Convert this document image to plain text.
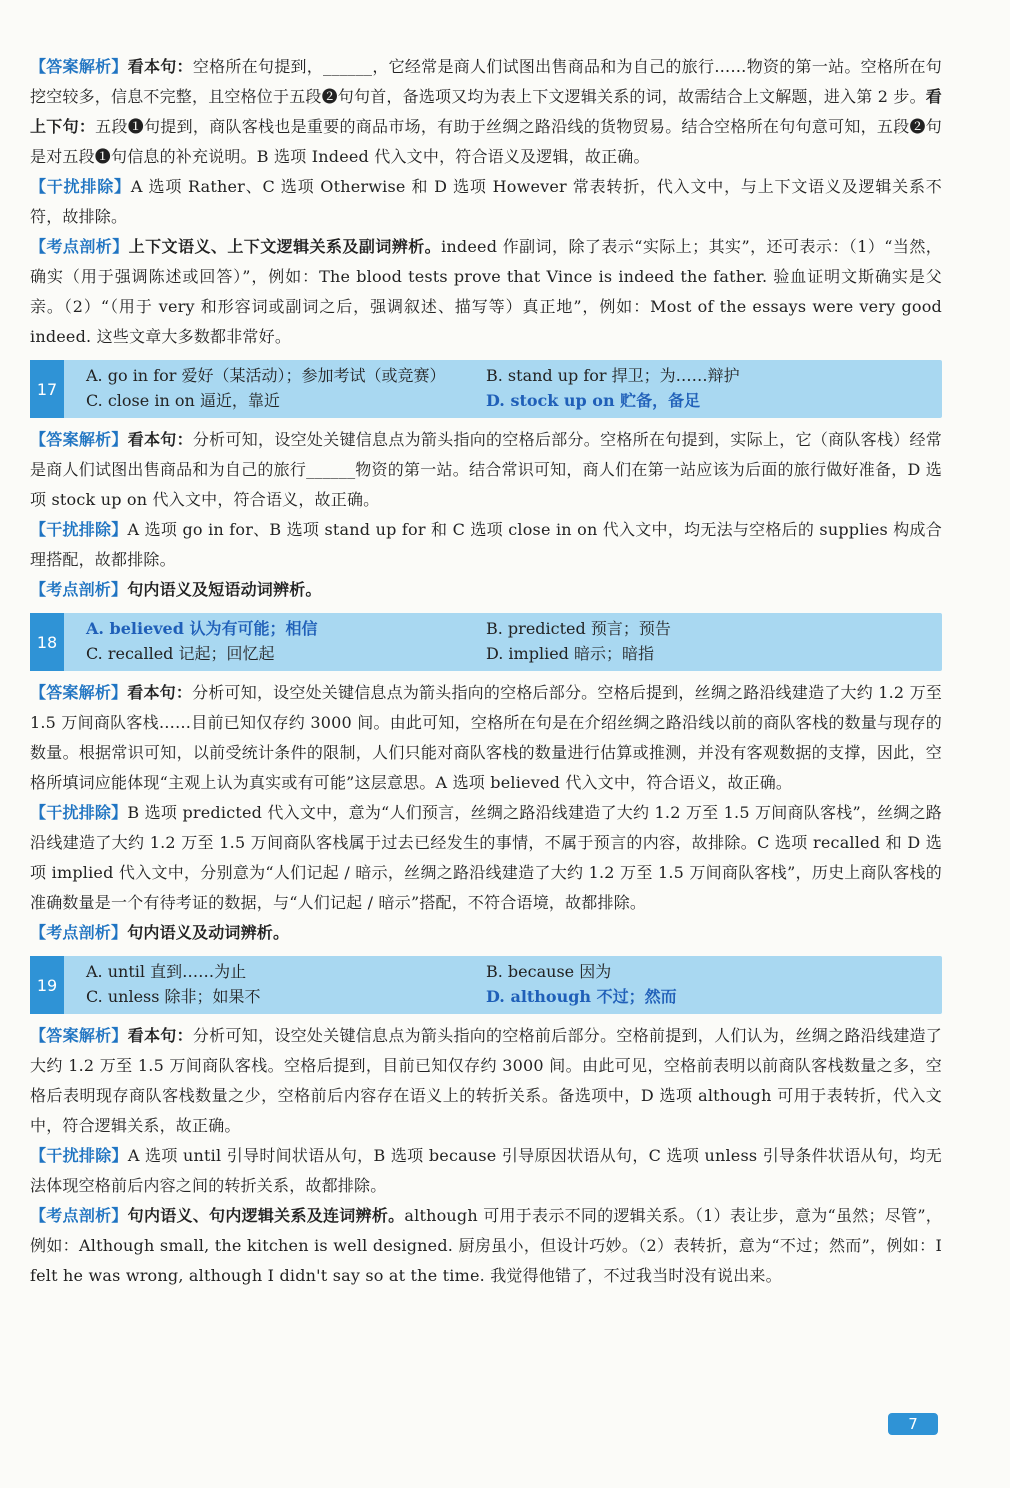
【答案解析】看本句：空格所在句提到，______，它经常是商人们试图出售商品和为自己的旅行……物资的第一站。空格所在句挖空较多，信息不完整，且空格位于五段❷句句首，备选项又均为表上下文逻辑关系的词，故需结合上文解题，进入第 2 步。看上下句：五段❶句提到，商队客栈也是重要的商品市场，有助于丝绸之路沿线的货物贸易。结合空格所在句句意可知，五段❷句是对五段❶句信息的补充说明。B 选项 Indeed 代入文中，符合语义及逻辑，故正确。

【干扰排除】A 选项 Rather、C 选项 Otherwise 和 D 选项 However 常表转折，代入文中，与上下文语义及逻辑关系不符，故排除。

【考点剖析】上下文语义、上下文逻辑关系及副词辨析。indeed 作副词，除了表示“实际上；其实”，还可表示：（1）“当然，确实（用于强调陈述或回答）”，例如：The blood tests prove that Vince is indeed the father. 验血证明文斯确实是父亲。（2）“（用于 very 和形容词或副词之后，强调叙述、描写等）真正地”，例如：Most of the essays were very good indeed. 这些文章大多数都非常好。

17
A. go in for 爱好（某活动）；参加考试（或竞赛）	B. stand up for 捍卫；为……辩护
C. close in on 逼近，靠近	D. stock up on 贮备，备足

【答案解析】看本句：分析可知，设空处关键信息点为箭头指向的空格后部分。空格所在句提到，实际上，它（商队客栈）经常是商人们试图出售商品和为自己的旅行______物资的第一站。结合常识可知，商人们在第一站应该为后面的旅行做好准备，D 选项 stock up on 代入文中，符合语义，故正确。

【干扰排除】A 选项 go in for、B 选项 stand up for 和 C 选项 close in on 代入文中，均无法与空格后的 supplies 构成合理搭配，故都排除。

【考点剖析】句内语义及短语动词辨析。

18
A. believed 认为有可能；相信	B. predicted 预言；预告
C. recalled 记起；回忆起	D. implied 暗示；暗指

【答案解析】看本句：分析可知，设空处关键信息点为箭头指向的空格后部分。空格后提到，丝绸之路沿线建造了大约 1.2 万至 1.5 万间商队客栈……目前已知仅存约 3000 间。由此可知，空格所在句是在介绍丝绸之路沿线以前的商队客栈的数量与现存的数量。根据常识可知，以前受统计条件的限制，人们只能对商队客栈的数量进行估算或推测，并没有客观数据的支撑，因此，空格所填词应能体现“主观上认为真实或有可能”这层意思。A 选项 believed 代入文中，符合语义，故正确。

【干扰排除】B 选项 predicted 代入文中，意为“人们预言，丝绸之路沿线建造了大约 1.2 万至 1.5 万间商队客栈”，丝绸之路沿线建造了大约 1.2 万至 1.5 万间商队客栈属于过去已经发生的事情，不属于预言的内容，故排除。C 选项 recalled 和 D 选项 implied 代入文中，分别意为“人们记起 / 暗示，丝绸之路沿线建造了大约 1.2 万至 1.5 万间商队客栈”，历史上商队客栈的准确数量是一个有待考证的数据，与“人们记起 / 暗示”搭配，不符合语境，故都排除。

【考点剖析】句内语义及动词辨析。

19
A. until 直到……为止	B. because 因为
C. unless 除非；如果不	D. although 不过；然而

【答案解析】看本句：分析可知，设空处关键信息点为箭头指向的空格前后部分。空格前提到，人们认为，丝绸之路沿线建造了大约 1.2 万至 1.5 万间商队客栈。空格后提到，目前已知仅存约 3000 间。由此可见，空格前表明以前商队客栈数量之多，空格后表明现存商队客栈数量之少，空格前后内容存在语义上的转折关系。备选项中，D 选项 although 可用于表转折，代入文中，符合逻辑关系，故正确。

【干扰排除】A 选项 until 引导时间状语从句，B 选项 because 引导原因状语从句，C 选项 unless 引导条件状语从句，均无法体现空格前后内容之间的转折关系，故都排除。

【考点剖析】句内语义、句内逻辑关系及连词辨析。although 可用于表示不同的逻辑关系。（1）表让步，意为“虽然；尽管”，例如：Although small, the kitchen is well designed. 厨房虽小，但设计巧妙。（2）表转折，意为“不过；然而”，例如：I felt he was wrong, although I didn't say so at the time. 我觉得他错了，不过我当时没有说出来。

7
